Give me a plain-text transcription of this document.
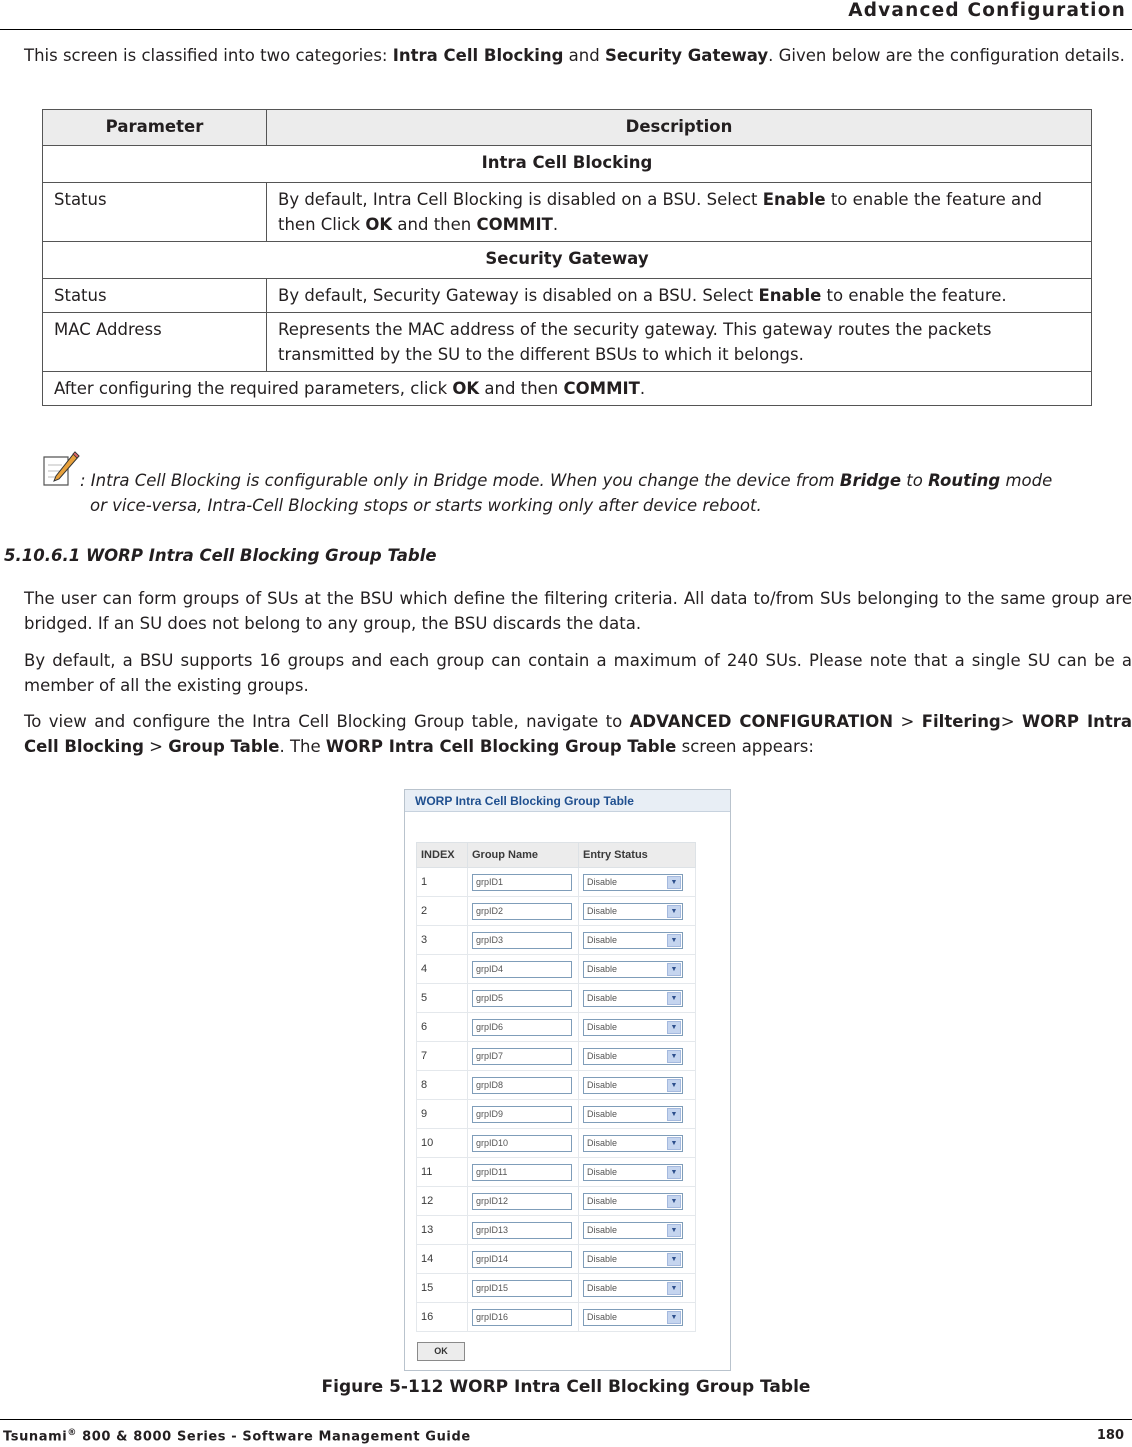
Advanced Configuration

This screen is classified into two categories: Intra Cell Blocking and Security Gateway. Given below are the configuration details.

Parameter	Description
Intra Cell Blocking	
Status	By default, Intra Cell Blocking is disabled on a BSU. Select Enable to enable the feature and then Click OK and then COMMIT.
Security Gateway	
Status	By default, Security Gateway is disabled on a BSU. Select Enable to enable the feature.
MAC Address	Represents the MAC address of the security gateway. This gateway routes the packets transmitted by the SU to the different BSUs to which it belongs.
After configuring the required parameters, click OK and then COMMIT.	

: Intra Cell Blocking is configurable only in Bridge mode. When you change the device from Bridge to Routing mode
or vice-versa, Intra-Cell Blocking stops or starts working only after device reboot.

5.10.6.1 WORP Intra Cell Blocking Group Table

The user can form groups of SUs at the BSU which define the filtering criteria. All data to/from SUs belonging to the same group are bridged. If an SU does not belong to any group, the BSU discards the data.

By default, a BSU supports 16 groups and each group can contain a maximum of 240 SUs. Please note that a single SU can be a member of all the existing groups.

To view and configure the Intra Cell Blocking Group table, navigate to ADVANCED CONFIGURATION > Filtering> WORP Intra Cell Blocking > Group Table. The WORP Intra Cell Blocking Group Table screen appears:

WORP Intra Cell Blocking Group Table
INDEX	Group Name	Entry Status
1	grpID1	Disable ▼

2	grpID2	Disable ▼

3	grpID3	Disable ▼

4	grpID4	Disable ▼

5	grpID5	Disable ▼

6	grpID6	Disable ▼

7	grpID7	Disable ▼

8	grpID8	Disable ▼

9	grpID9	Disable ▼

10	grpID10	Disable ▼

11	grpID11	Disable ▼

12	grpID12	Disable ▼

13	grpID13	Disable ▼

14	grpID14	Disable ▼

15	grpID15	Disable ▼

16	grpID16	Disable ▼
OK
Figure 5-112 WORP Intra Cell Blocking Group Table
Tsunami® 800 & 8000 Series - Software Management Guide	180
